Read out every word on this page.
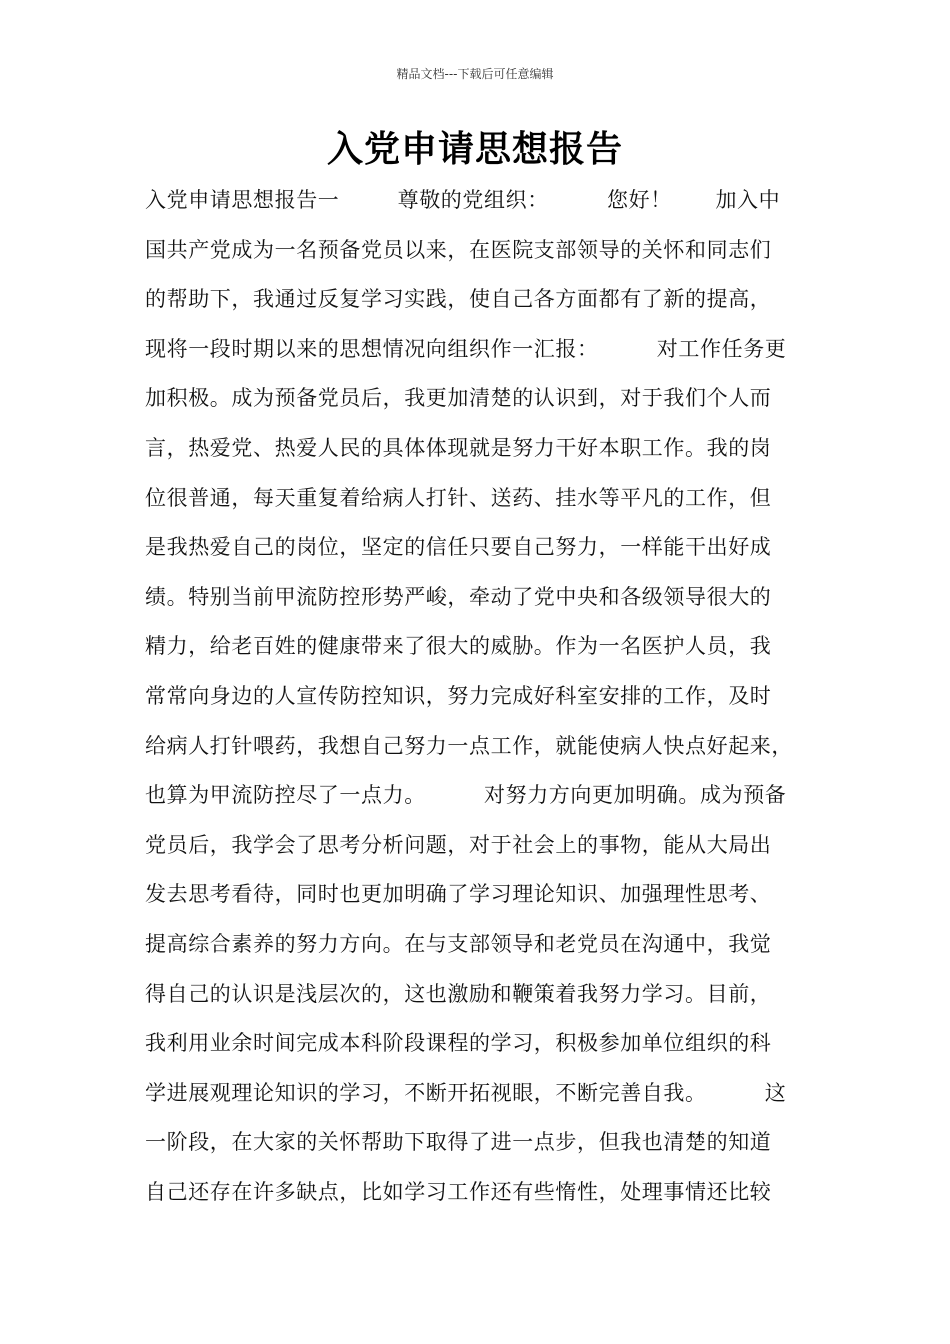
精品文档---下载后可任意编辑
入党申请思想报告
入党申请思想报告一        尊敬的党组织：        您好！      加入中
国共产党成为一名预备党员以来，在医院支部领导的关怀和同志们
的帮助下，我通过反复学习实践，使自己各方面都有了新的提高，
现将一段时期以来的思想情况向组织作一汇报：        对工作任务更
加积极。成为预备党员后，我更加清楚的认识到，对于我们个人而
言，热爱党、热爱人民的具体体现就是努力干好本职工作。我的岗
位很普通，每天重复着给病人打针、送药、挂水等平凡的工作，但
是我热爱自己的岗位，坚定的信任只要自己努力，一样能干出好成
绩。特别当前甲流防控形势严峻，牵动了党中央和各级领导很大的
精力，给老百姓的健康带来了很大的威胁。作为一名医护人员，我
常常向身边的人宣传防控知识，努力完成好科室安排的工作，及时
给病人打针喂药，我想自己努力一点工作，就能使病人快点好起来，
也算为甲流防控尽了一点力。        对努力方向更加明确。成为预备
党员后，我学会了思考分析问题，对于社会上的事物，能从大局出
发去思考看待，同时也更加明确了学习理论知识、加强理性思考、
提高综合素养的努力方向。在与支部领导和老党员在沟通中，我觉
得自己的认识是浅层次的，这也激励和鞭策着我努力学习。目前，
我利用业余时间完成本科阶段课程的学习，积极参加单位组织的科
学进展观理论知识的学习，不断开拓视眼，不断完善自我。        这
一阶段，在大家的关怀帮助下取得了进一点步，但我也清楚的知道
自己还存在许多缺点，比如学习工作还有些惰性，处理事情还比较
